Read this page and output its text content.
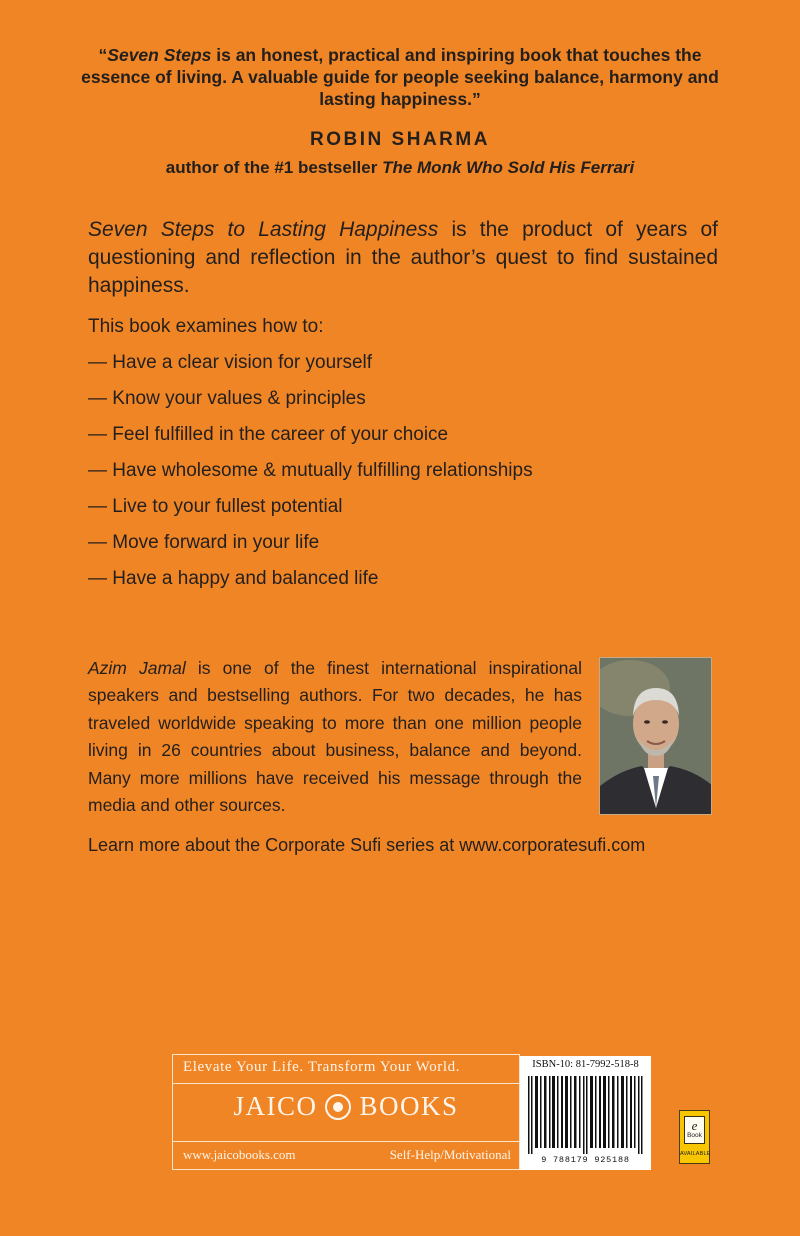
“Seven Steps is an honest, practical and inspiring book that touches the essence of living. A valuable guide for people seeking balance, harmony and lasting happiness.”
ROBIN SHARMA
author of the #1 bestseller The Monk Who Sold His Ferrari
Seven Steps to Lasting Happiness is the product of years of questioning and reflection in the author’s quest to find sustained happiness.
This book examines how to:
— Have a clear vision for yourself
— Know your values & principles
— Feel fulfilled in the career of your choice
— Have wholesome & mutually fulfilling relationships
— Live to your fullest potential
— Move forward in your life
— Have a happy and balanced life
Azim Jamal is one of the finest international inspirational speakers and bestselling authors. For two decades, he has traveled worldwide speaking to more than one million people living in 26 countries about business, balance and beyond. Many more millions have received his message through the media and other sources.
Learn more about the Corporate Sufi series at www.corporatesufi.com
Elevate Your Life. Transform Your World.
JAICO BOOKS
www.jaicobooks.com	Self-Help/Motivational
ISBN-10: 81-7992-518-8
9 788179 925188
e
Book
AVAILABLE
